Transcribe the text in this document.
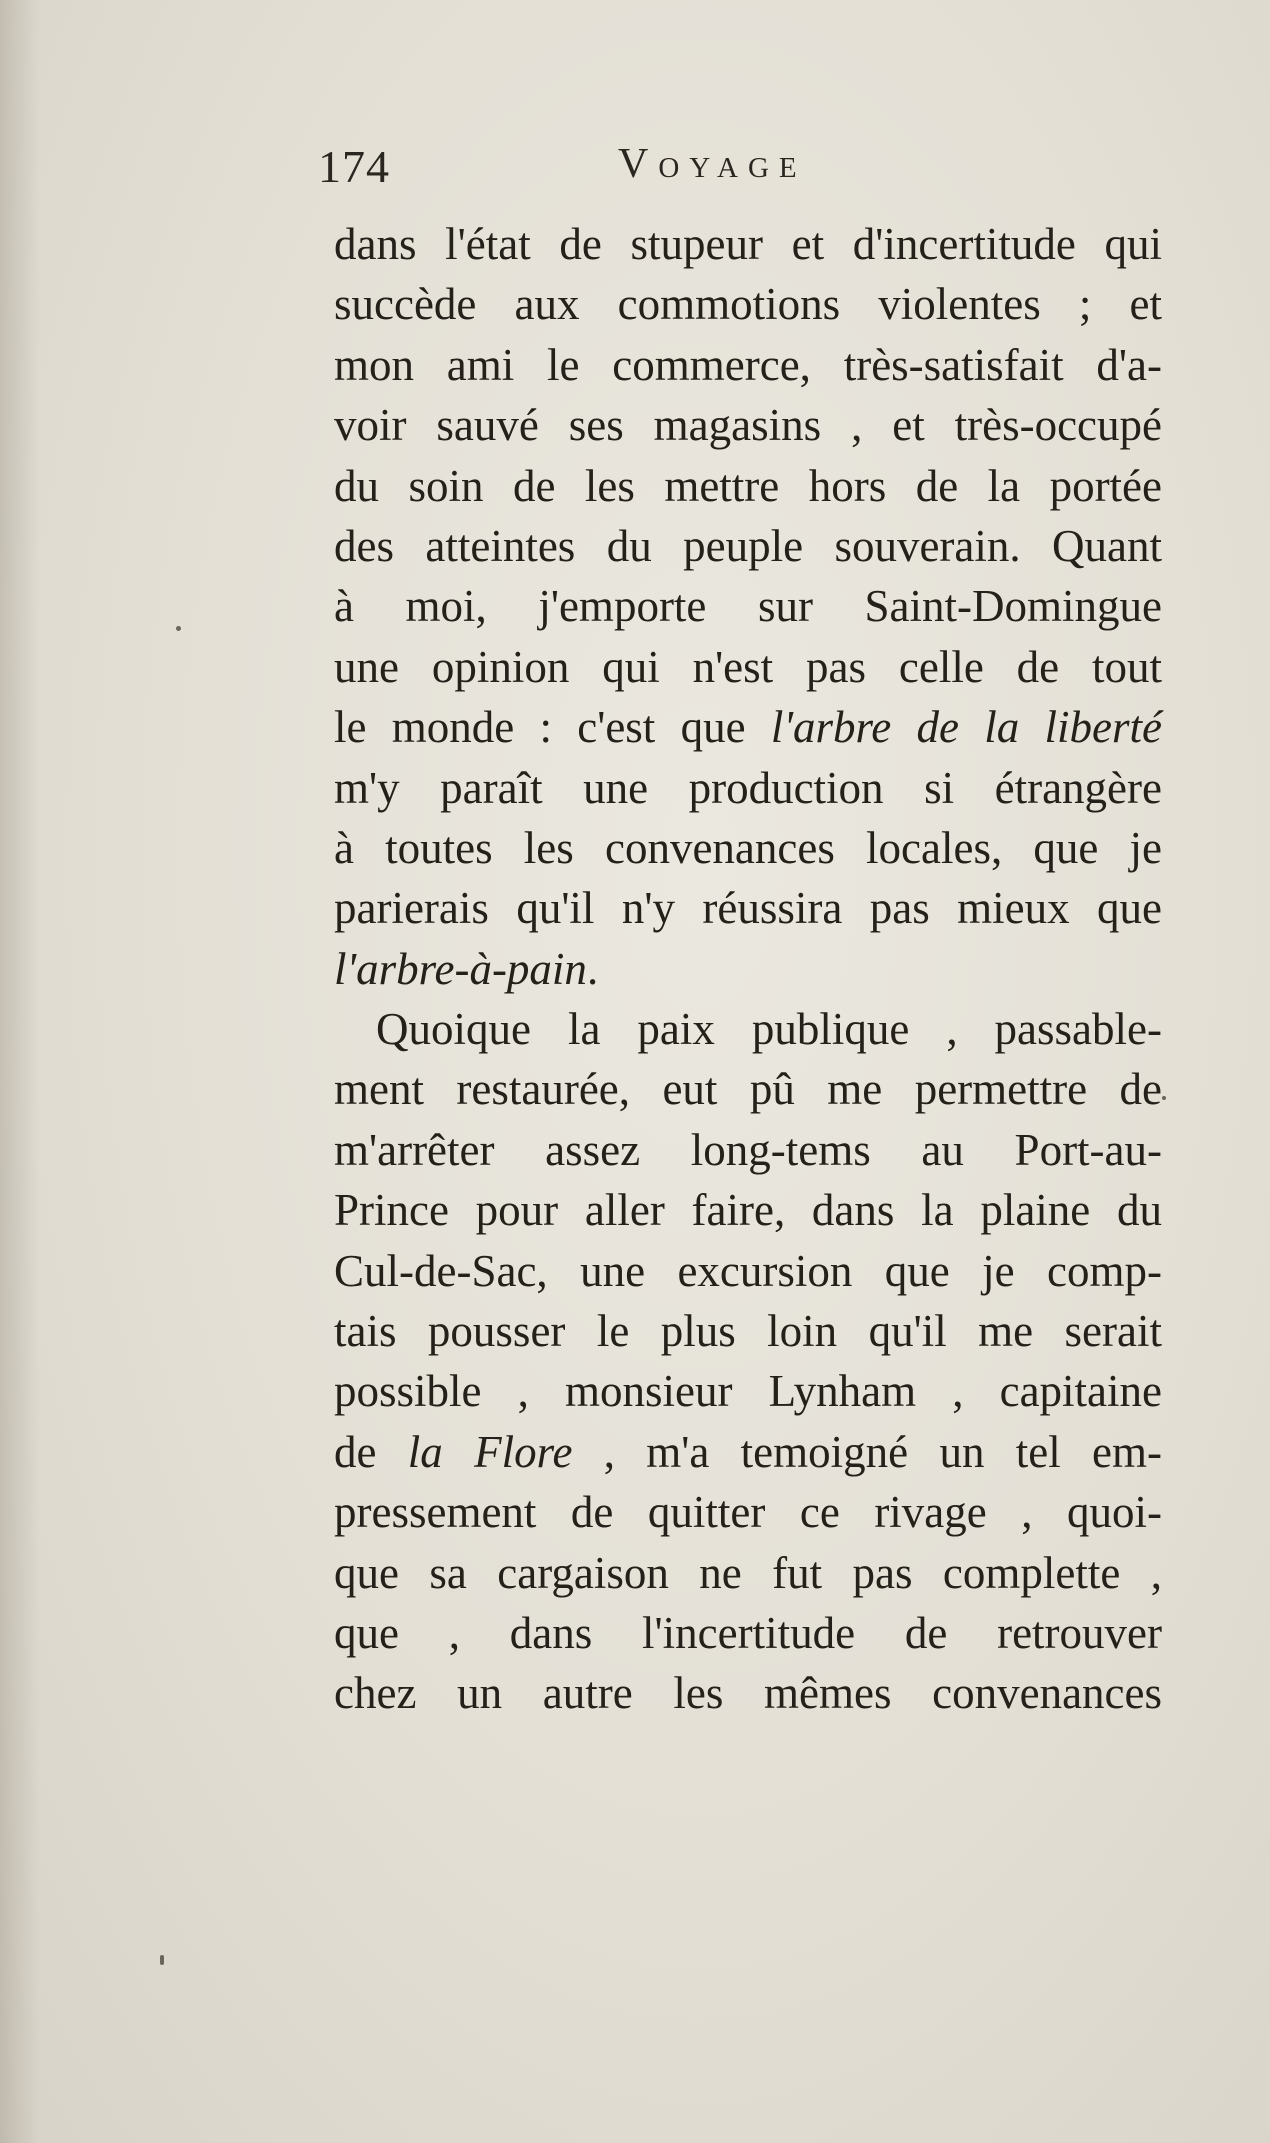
174	Voyage
dans l'état de stupeur et d'incertitude qui
succède aux commotions violentes ; et
mon ami le commerce, très-satisfait d'a-
voir sauvé ses magasins , et très-occupé
du soin de les mettre hors de la portée
des atteintes du peuple souverain. Quant
à moi, j'emporte sur Saint-Domingue
une opinion qui n'est pas celle de tout
le monde : c'est que l'arbre de la liberté
m'y paraît une production si étrangère
à toutes les convenances locales, que je
parierais qu'il n'y réussira pas mieux que
l'arbre-à-pain.
Quoique la paix publique , passable-
ment restaurée, eut pû me permettre de
m'arrêter assez long-tems au Port-au-
Prince pour aller faire, dans la plaine du
Cul-de-Sac, une excursion que je comp-
tais pousser le plus loin qu'il me serait
possible , monsieur Lynham , capitaine
de la Flore , m'a temoigné un tel em-
pressement de quitter ce rivage , quoi-
que sa cargaison ne fut pas complette ,
que , dans l'incertitude de retrouver
chez un autre les mêmes convenances
